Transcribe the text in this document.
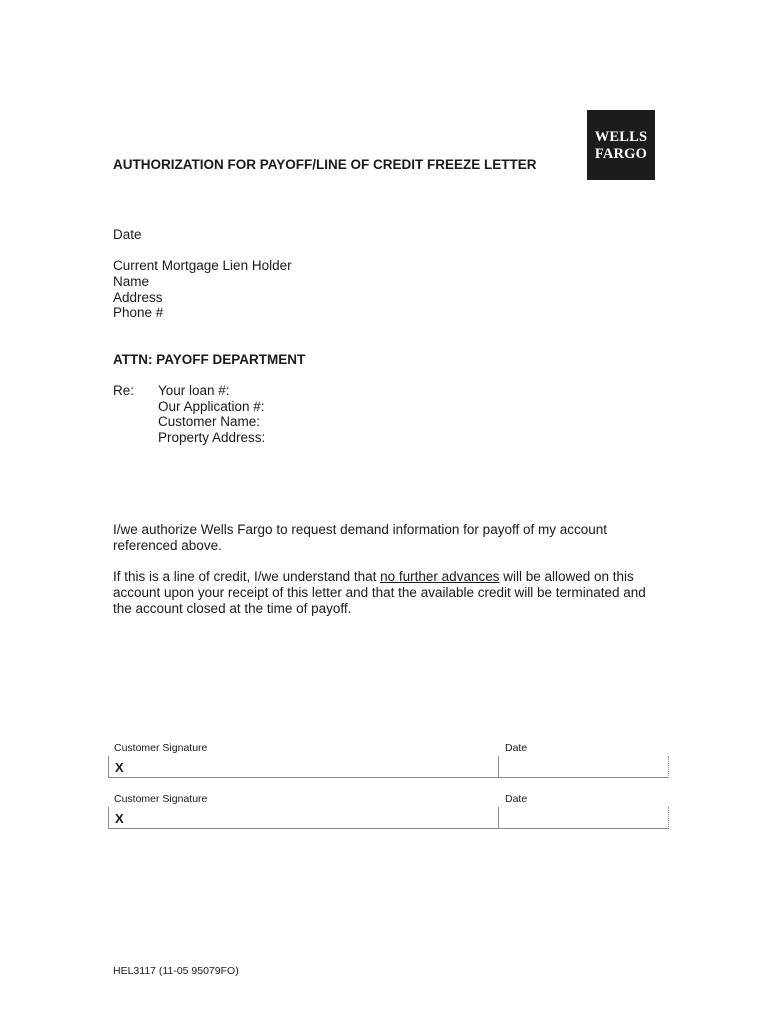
WELLS
FARGO
AUTHORIZATION FOR PAYOFF/LINE OF CREDIT FREEZE LETTER
Date
Current Mortgage Lien Holder
Name
Address
Phone #
ATTN: PAYOFF DEPARTMENT
Re: Your loan #:
Our Application #:
Customer Name:
Property Address:
I/we authorize Wells Fargo to request demand information for payoff of my account referenced above.
If this is a line of credit, I/we understand that no further advances will be allowed on this account upon your receipt of this letter and that the available credit will be terminated and the account closed at the time of payoff.
Customer Signature	Date
X
Customer Signature	Date
X
HEL3117 (11-05 95079FO)
